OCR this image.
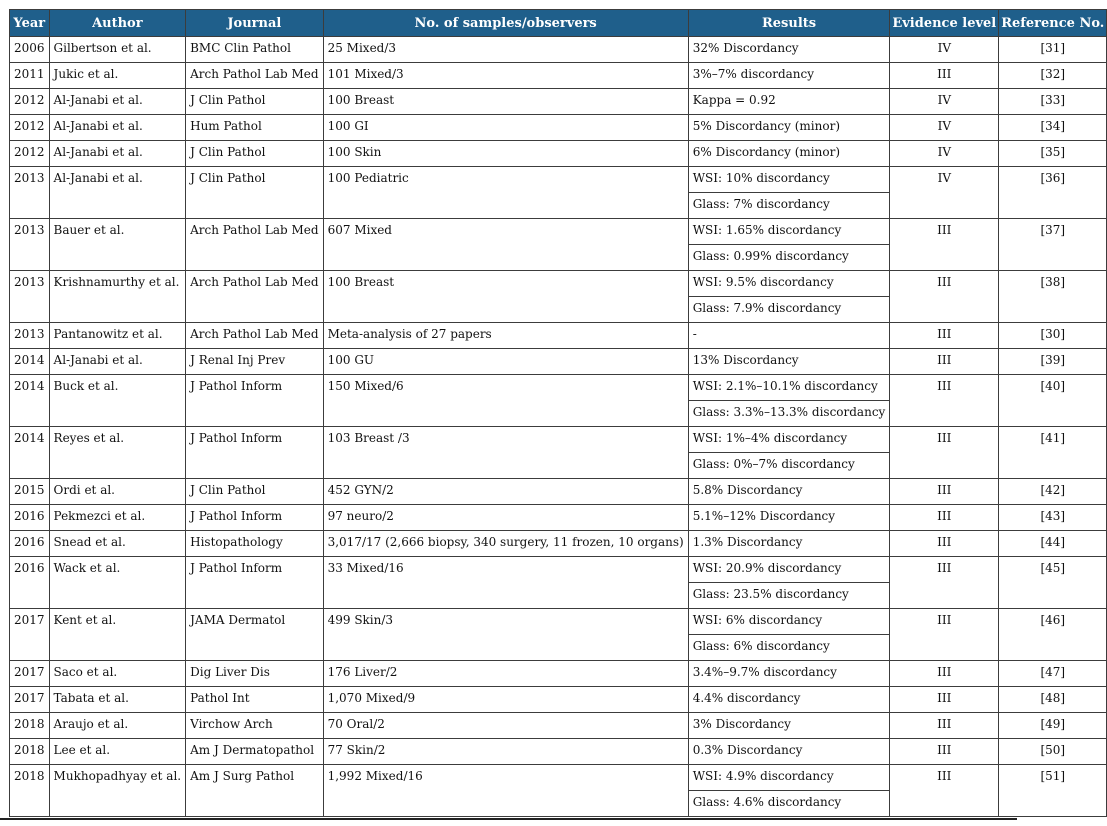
Year	Author	Journal	No. of samples/observers	Results	Evidence level	Reference No.
2006	Gilbertson et al.	BMC Clin Pathol	25 Mixed/3	32% Discordancy	IV	[31]
2011	Jukic et al.	Arch Pathol Lab Med	101 Mixed/3	3%–7% discordancy	III	[32]
2012	Al-Janabi et al.	J Clin Pathol	100 Breast	Kappa = 0.92	IV	[33]
2012	Al-Janabi et al.	Hum Pathol	100 GI	5% Discordancy (minor)	IV	[34]
2012	Al-Janabi et al.	J Clin Pathol	100 Skin	6% Discordancy (minor)	IV	[35]
2013	Al-Janabi et al.	J Clin Pathol	100 Pediatric	WSI: 10% discordancy	IV	[36]
				Glass: 7% discordancy		
2013	Bauer et al.	Arch Pathol Lab Med	607 Mixed	WSI: 1.65% discordancy	III	[37]
				Glass: 0.99% discordancy		
2013	Krishnamurthy et al.	Arch Pathol Lab Med	100 Breast	WSI: 9.5% discordancy	III	[38]
				Glass: 7.9% discordancy		
2013	Pantanowitz et al.	Arch Pathol Lab Med	Meta-analysis of 27 papers	-	III	[30]
2014	Al-Janabi et al.	J Renal Inj Prev	100 GU	13% Discordancy	III	[39]
2014	Buck et al.	J Pathol Inform	150 Mixed/6	WSI: 2.1%–10.1% discordancy	III	[40]
				Glass: 3.3%–13.3% discordancy		
2014	Reyes et al.	J Pathol Inform	103 Breast /3	WSI: 1%–4% discordancy	III	[41]
				Glass: 0%–7% discordancy		
2015	Ordi et al.	J Clin Pathol	452 GYN/2	5.8% Discordancy	III	[42]
2016	Pekmezci et al.	J Pathol Inform	97 neuro/2	5.1%–12% Discordancy	III	[43]
2016	Snead et al.	Histopathology	3,017/17 (2,666 biopsy, 340 surgery, 11 frozen, 10 organs)	1.3% Discordancy	III	[44]
2016	Wack et al.	J Pathol Inform	33 Mixed/16	WSI: 20.9% discordancy	III	[45]
				Glass: 23.5% discordancy		
2017	Kent et al.	JAMA Dermatol	499 Skin/3	WSI: 6% discordancy	III	[46]
				Glass: 6% discordancy		
2017	Saco et al.	Dig Liver Dis	176 Liver/2	3.4%–9.7% discordancy	III	[47]
2017	Tabata et al.	Pathol Int	1,070 Mixed/9	4.4% discordancy	III	[48]
2018	Araujo et al.	Virchow Arch	70 Oral/2	3% Discordancy	III	[49]
2018	Lee et al.	Am J Dermatopathol	77 Skin/2	0.3% Discordancy	III	[50]
2018	Mukhopadhyay et al.	Am J Surg Pathol	1,992 Mixed/16	WSI: 4.9% discordancy	III	[51]
				Glass: 4.6% discordancy		
